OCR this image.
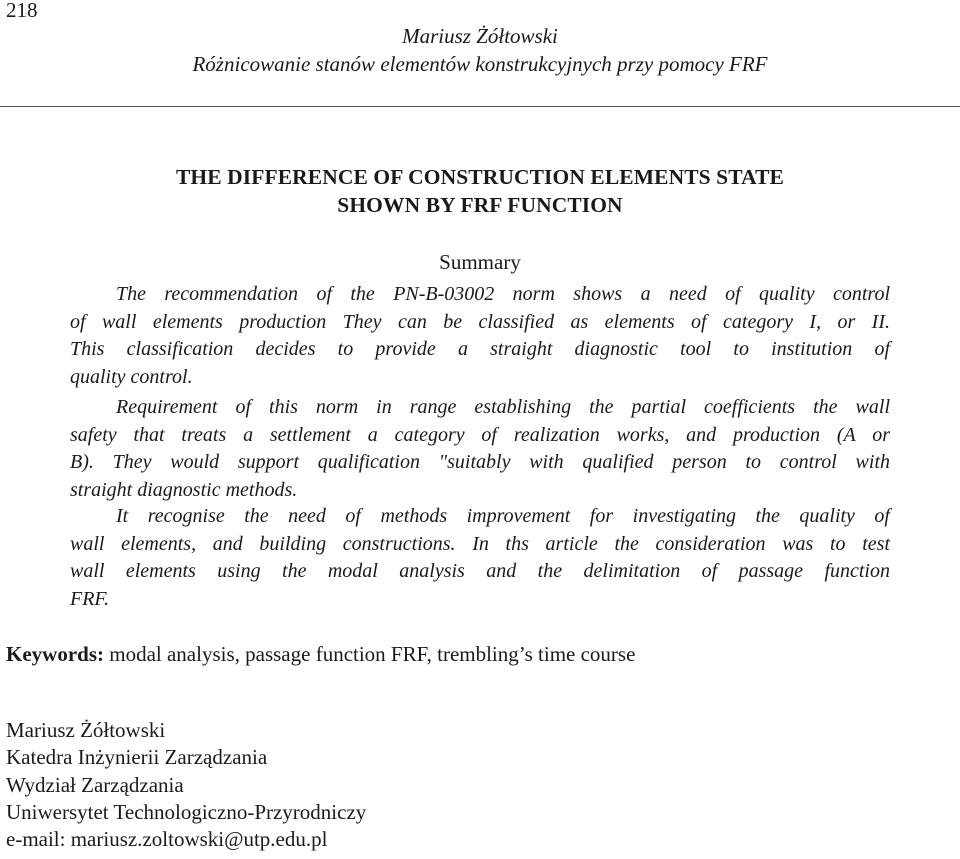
218

Mariusz Żółtowski

Różnicowanie stanów elementów konstrukcyjnych przy pomocy FRF

THE DIFFERENCE OF CONSTRUCTION ELEMENTS STATE
SHOWN BY FRF FUNCTION
Summary
The recommendation of the PN-B-03002 norm shows a need of quality control
of wall elements production They can be classified as elements of category I, or II.
This classification decides to provide a straight diagnostic tool to institution of
quality control.
Requirement of this norm in range establishing the partial coefficients the wall
safety that treats a settlement a category of realization works, and production (A or
B). They would support qualification "suitably with qualified person to control with
straight diagnostic methods.
It recognise the need of methods improvement for investigating the quality of
wall elements, and building constructions. In ths article the consideration was to test
wall elements using the modal analysis and the delimitation of passage function
FRF.

Keywords: modal analysis, passage function FRF, trembling’s time course

Mariusz Żółtowski

Katedra Inżynierii Zarządzania

Wydział Zarządzania

Uniwersytet Technologiczno-Przyrodniczy

e-mail: mariusz.zoltowski@utp.edu.pl
